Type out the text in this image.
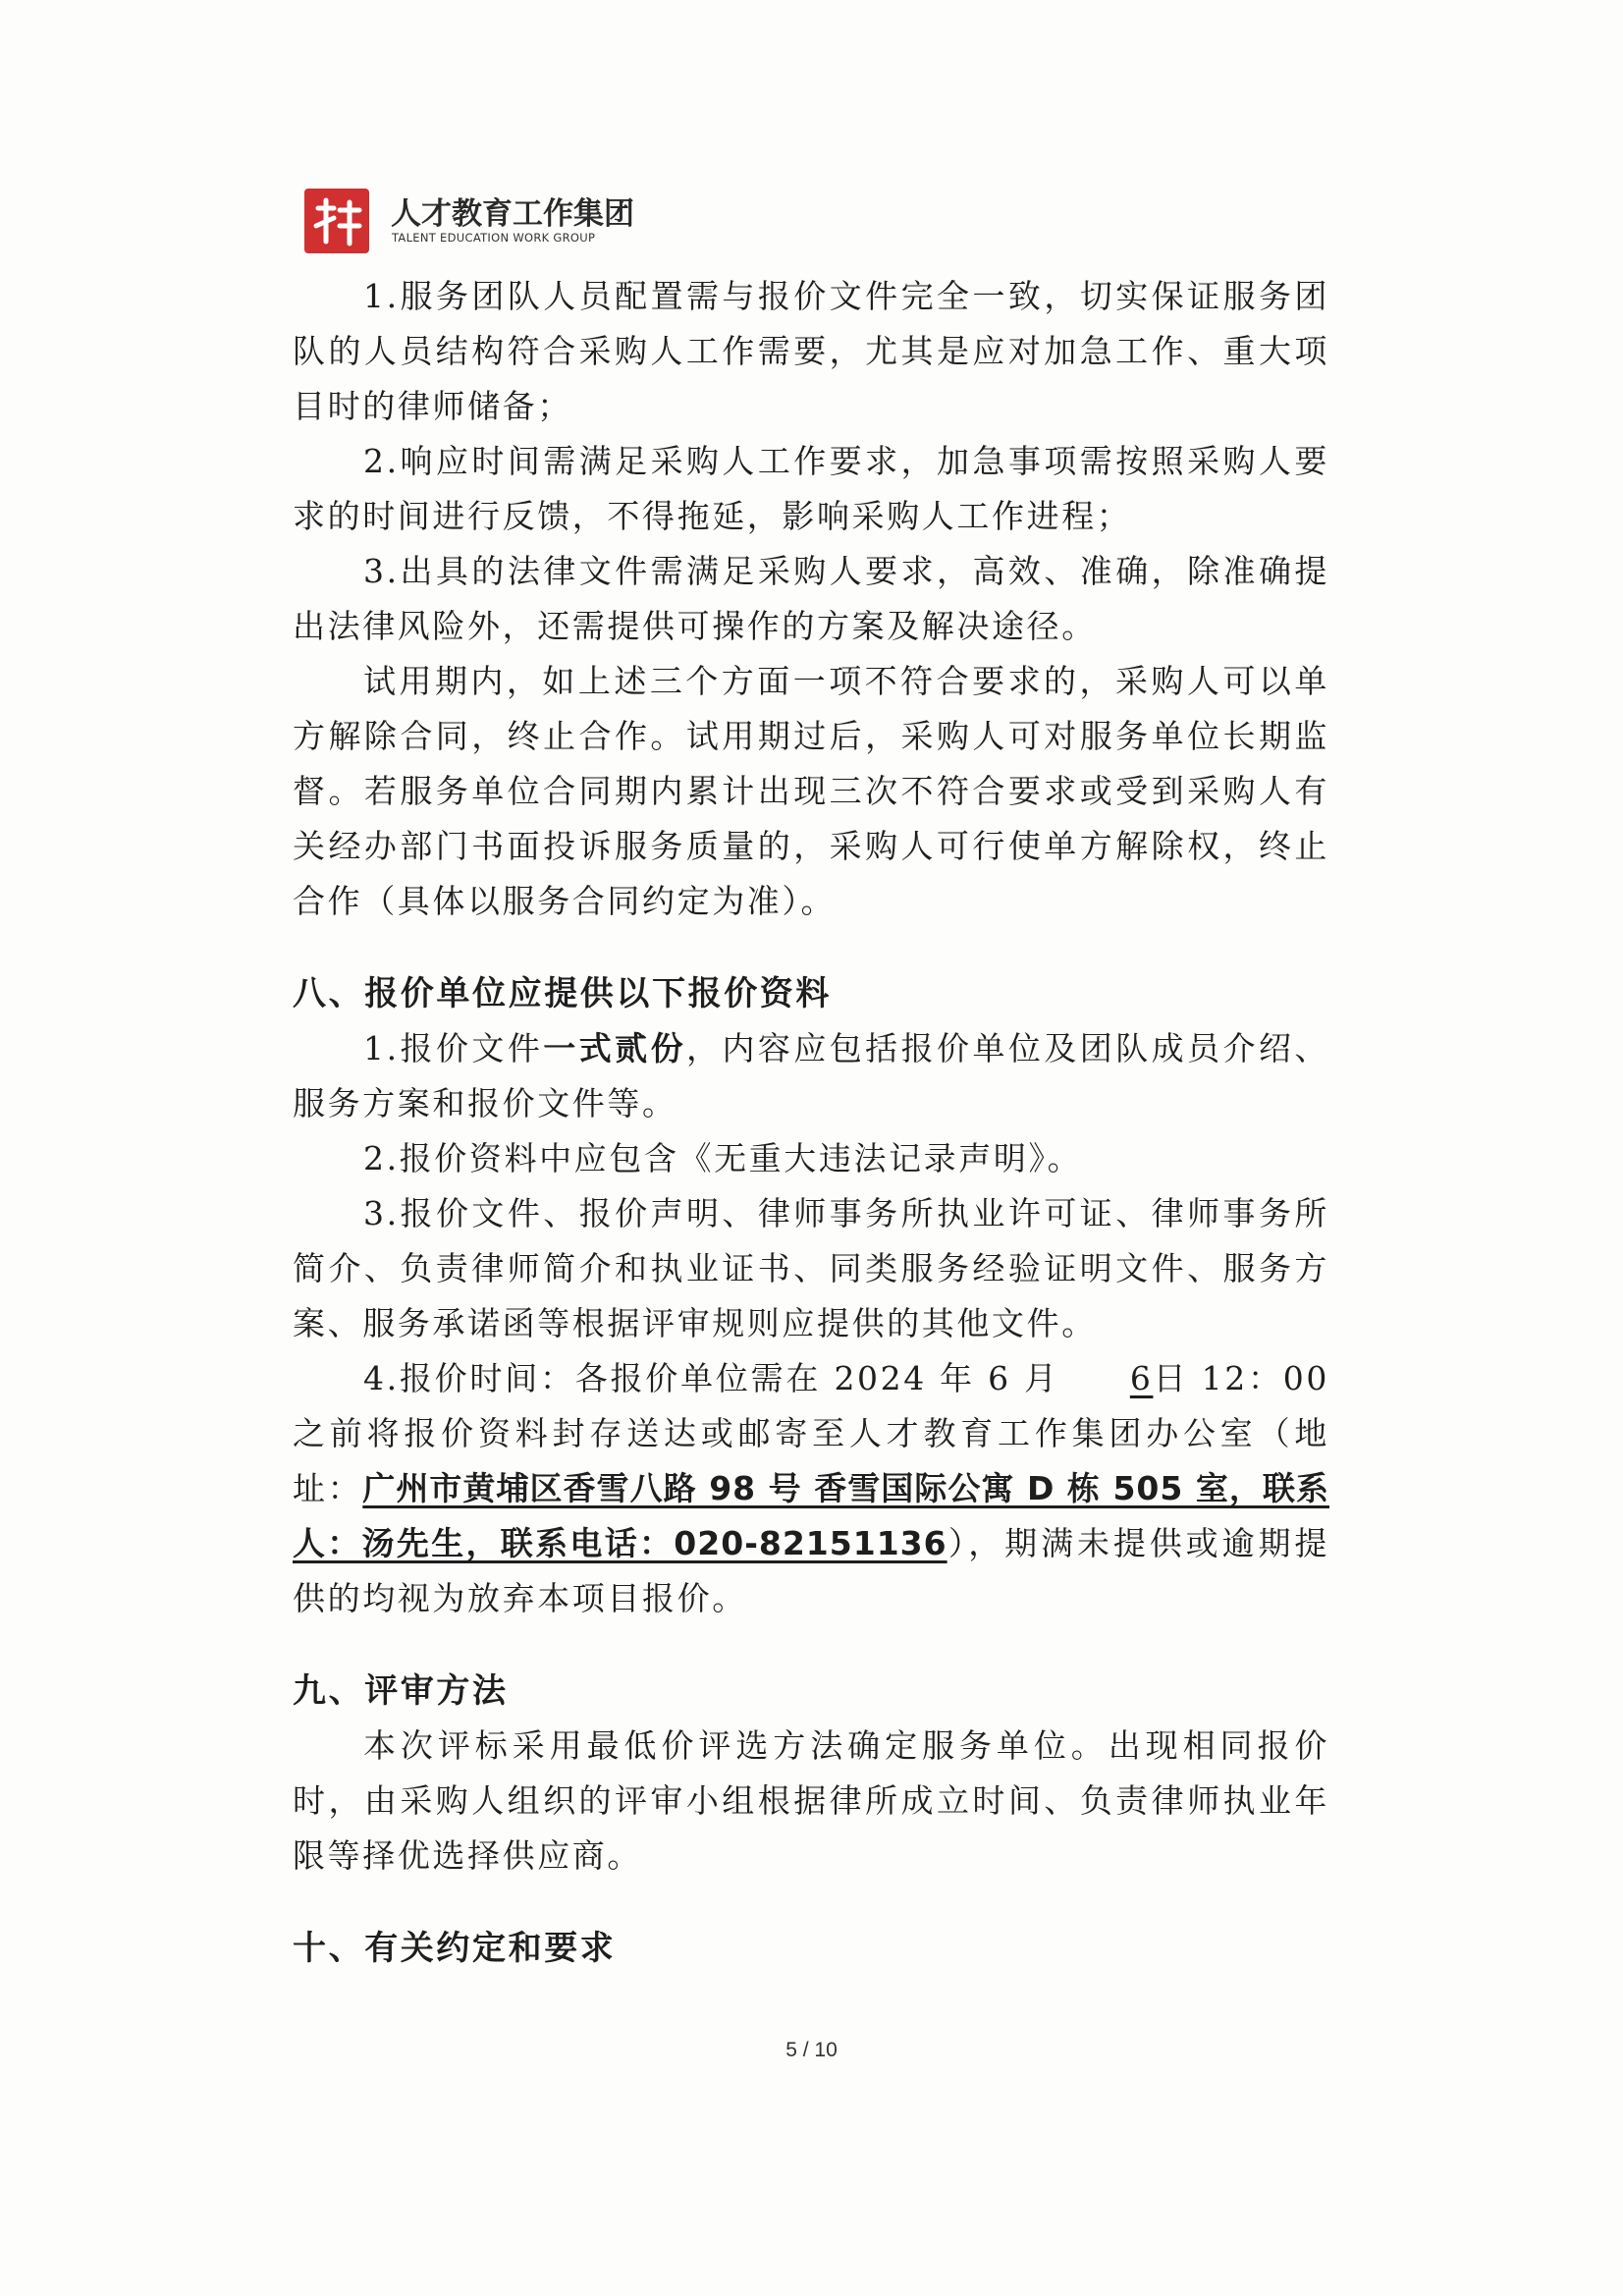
人才教育工作集团
TALENT EDUCATION WORK GROUP

1.服务团队人员配置需与报价文件完全一致，切实保证服务团队的人员结构符合采购人工作需要，尤其是应对加急工作、重大项目时的律师储备；

2.响应时间需满足采购人工作要求，加急事项需按照采购人要求的时间进行反馈，不得拖延，影响采购人工作进程；

3.出具的法律文件需满足采购人要求，高效、准确，除准确提出法律风险外，还需提供可操作的方案及解决途径。

试用期内，如上述三个方面一项不符合要求的，采购人可以单方解除合同，终止合作。试用期过后，采购人可对服务单位长期监督。若服务单位合同期内累计出现三次不符合要求或受到采购人有关经办部门书面投诉服务质量的，采购人可行使单方解除权，终止合作（具体以服务合同约定为准）。

八、报价单位应提供以下报价资料

1.报价文件一式贰份，内容应包括报价单位及团队成员介绍、服务方案和报价文件等。

2.报价资料中应包含《无重大违法记录声明》。

3.报价文件、报价声明、律师事务所执业许可证、律师事务所简介、负责律师简介和执业证书、同类服务经验证明文件、服务方案、服务承诺函等根据评审规则应提供的其他文件。

4.报价时间：各报价单位需在 2024 年 6 月 6日 12：00 之前将报价资料封存送达或邮寄至人才教育工作集团办公室（地址：广州市黄埔区香雪八路 98 号 香雪国际公寓 D 栋 505 室，联系人：汤先生，联系电话：020-82151136），期满未提供或逾期提供的均视为放弃本项目报价。

九、评审方法

本次评标采用最低价评选方法确定服务单位。出现相同报价时，由采购人组织的评审小组根据律所成立时间、负责律师执业年限等择优选择供应商。

十、有关约定和要求
5 / 10
